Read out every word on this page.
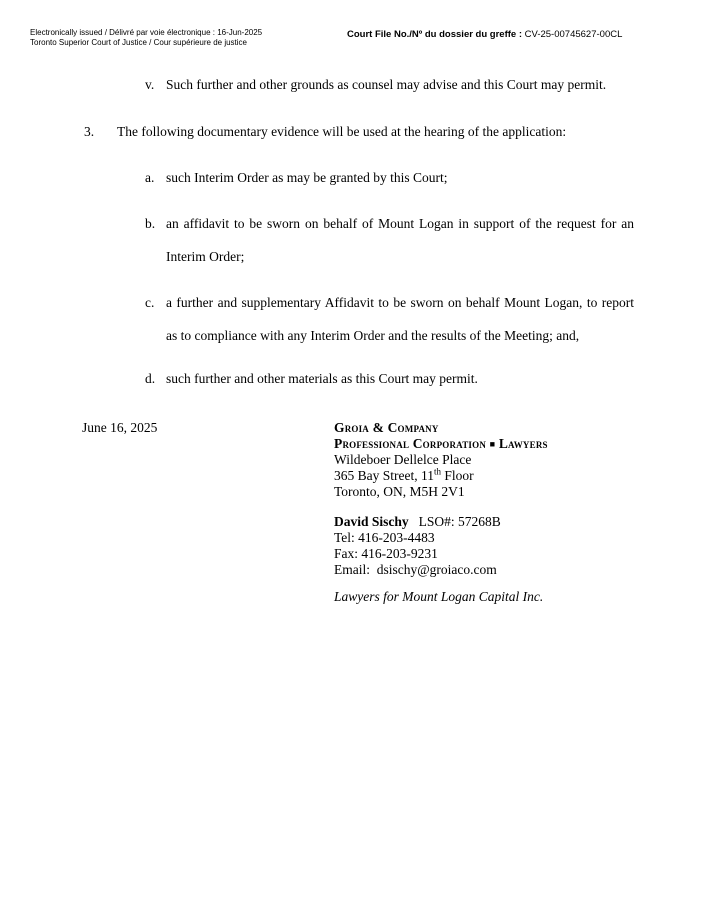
Electronically issued / Délivré par voie électronique : 16-Jun-2025
Toronto Superior Court of Justice / Cour supérieure de justice
Court File No./Nº du dossier du greffe : CV-25-00745627-00CL
v. Such further and other grounds as counsel may advise and this Court may permit.
3.	The following documentary evidence will be used at the hearing of the application:
a. such Interim Order as may be granted by this Court;
b. an affidavit to be sworn on behalf of Mount Logan in support of the request for an Interim Order;
c. a further and supplementary Affidavit to be sworn on behalf Mount Logan, to report as to compliance with any Interim Order and the results of the Meeting; and,
d. such further and other materials as this Court may permit.
June 16, 2025	Groia & Company
Professional Corporation ■ Lawyers
Wildeboer Dellelce Place
365 Bay Street, 11th Floor
Toronto, ON, M5H 2V1
David Sischy LSO#: 57268B
Tel: 416-203-4483
Fax: 416-203-9231
Email:  dsischy@groiaco.com
Lawyers for Mount Logan Capital Inc.
